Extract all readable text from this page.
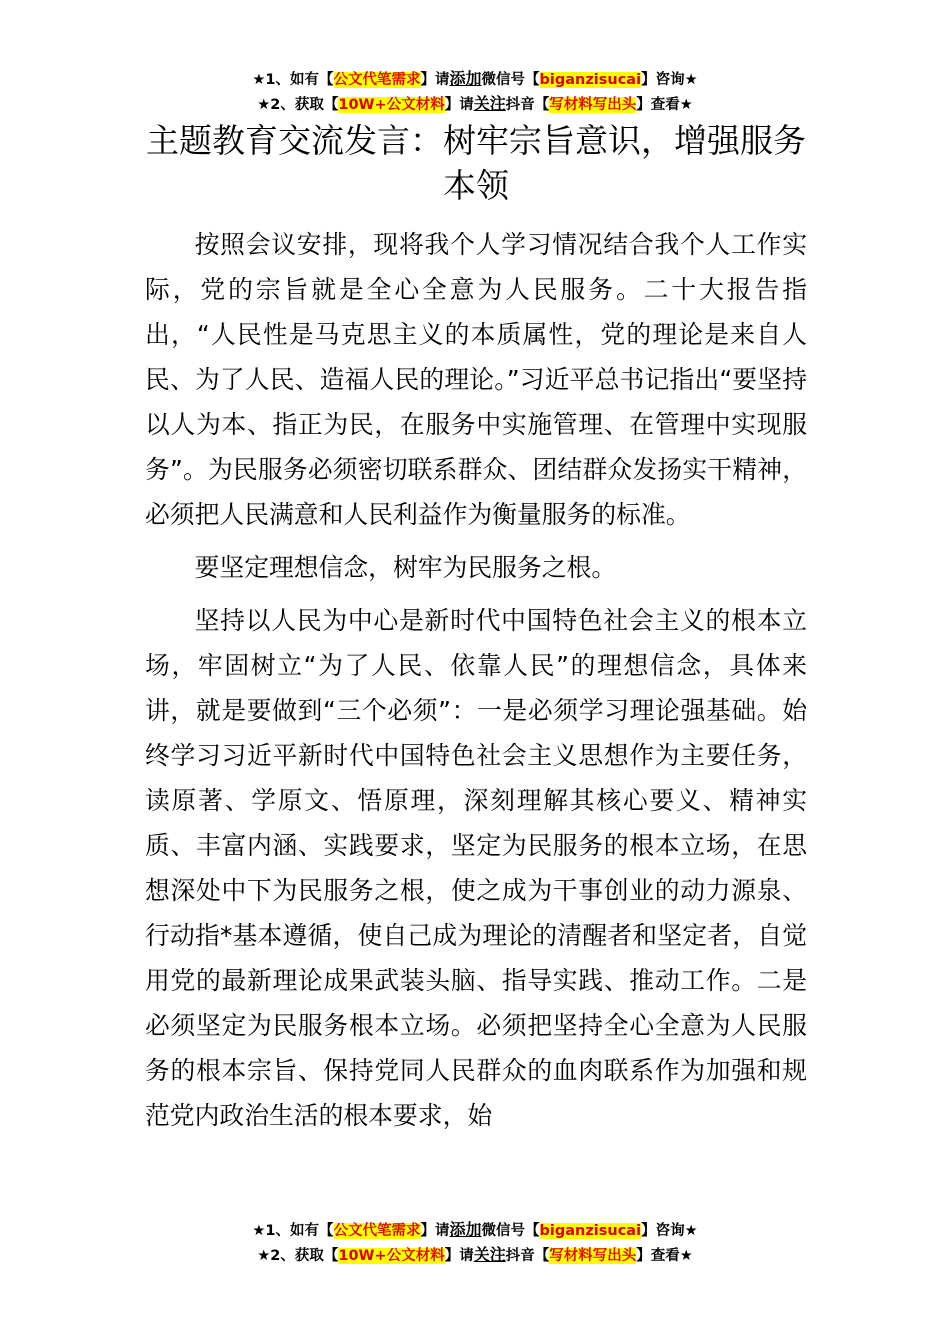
★1、如有【公文代笔需求】请添加微信号【biganzisucai】咨询★
★2、获取【10W+公文材料】请关注抖音【写材料写出头】查看★
主题教育交流发言：树牢宗旨意识，增强服务本领

按照会议安排，现将我个人学习情况结合我个人工作实际，党的宗旨就是全心全意为人民服务。二十大报告指出，“人民性是马克思主义的本质属性，党的理论是来自人民、为了人民、造福人民的理论。”习近平总书记指出“要坚持以人为本、指正为民，在服务中实施管理、在管理中实现服务”。为民服务必须密切联系群众、团结群众发扬实干精神，必须把人民满意和人民利益作为衡量服务的标准。

要坚定理想信念，树牢为民服务之根。

坚持以人民为中心是新时代中国特色社会主义的根本立场，牢固树立“为了人民、依靠人民”的理想信念，具体来讲，就是要做到“三个必须”：一是必须学习理论强基础。始终学习习近平新时代中国特色社会主义思想作为主要任务，读原著、学原文、悟原理，深刻理解其核心要义、精神实质、丰富内涵、实践要求，坚定为民服务的根本立场，在思想深处中下为民服务之根，使之成为干事创业的动力源泉、行动指*基本遵循，使自己成为理论的清醒者和坚定者，自觉用党的最新理论成果武装头脑、指导实践、推动工作。二是必须坚定为民服务根本立场。必须把坚持全心全意为人民服务的根本宗旨、保持党同人民群众的血肉联系作为加强和规范党内政治生活的根本要求，始

★1、如有【公文代笔需求】请添加微信号【biganzisucai】咨询★
★2、获取【10W+公文材料】请关注抖音【写材料写出头】查看★
